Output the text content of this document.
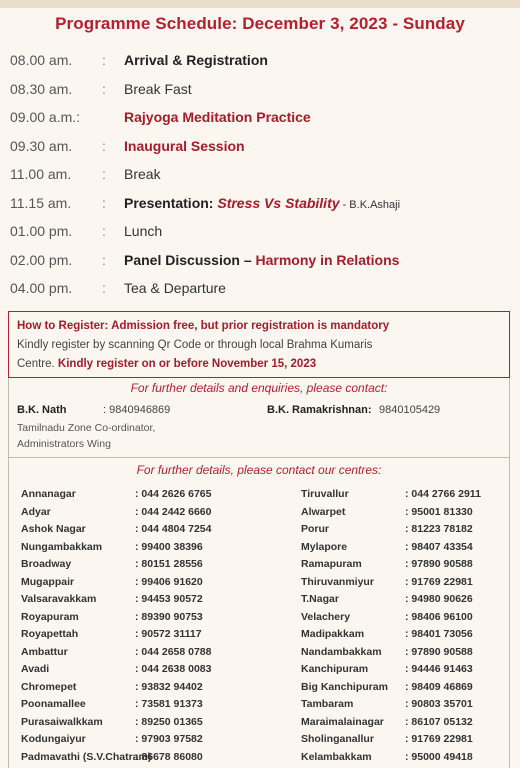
Programme Schedule: December 3, 2023 - Sunday
08.00 am. : Arrival & Registration
08.30 am. : Break Fast
09.00 a.m.:	Rajyoga Meditation Practice
09.30 am. : Inaugural Session
11.00 am. : Break
11.15 am. : Presentation: Stress Vs Stability - B.K.Ashaji
01.00 pm. : Lunch
02.00 pm. : Panel Discussion – Harmony in Relations
04.00 pm. : Tea & Departure
How to Register: Admission free, but prior registration is mandatory
Kindly register by scanning Qr Code or through local Brahma Kumaris
Centre. Kindly register on or before November 15, 2023
For further details and enquiries, please contact:
B.K. Nath	: 9840946869	B.K. Ramakrishnan: 9840105429
Tamilnadu Zone Co-ordinator,
Administrators Wing
For further details, please contact our centres:
Annanagar	: 044 2626 6765
Adyar	: 044 2442 6660
Ashok Nagar	: 044 4804 7254
Nungambakkam	: 99400 38396
Broadway	: 80151 28556
Mugappair	: 99406 91620
Valsaravakkam	: 94453 90572
Royapuram	: 89390 90753
Royapettah	: 90572 31117
Ambattur	: 044 2658 0788
Avadi	: 044 2638 0083
Chromepet	: 93832 94402
Poonamallee	: 73581 91373
Purasaiwalkkam	: 89250 01365
Kodungaiyur	: 97903 97582
Padmavathi (S.V.Chatram)
: 86678 86080
Tiruvallur	: 044 2766 2911
Alwarpet	: 95001 81330
Porur	: 81223 78182
Mylapore	: 98407 43354
Ramapuram	: 97890 90588
Thiruvanmiyur	: 91769 22981
T.Nagar	: 94980 90626
Velachery	: 98406 96100
Madipakkam	: 98401 73056
Nandambakkam : 97890 90588
Kanchipuram	: 94446 91463
Big Kanchipuram : 98409 46869
Tambaram	: 90803 35701
Maraimalainagar : 86107 05132
Sholinganallur	: 91769 22981
Kelambakkam	: 95000 49418
